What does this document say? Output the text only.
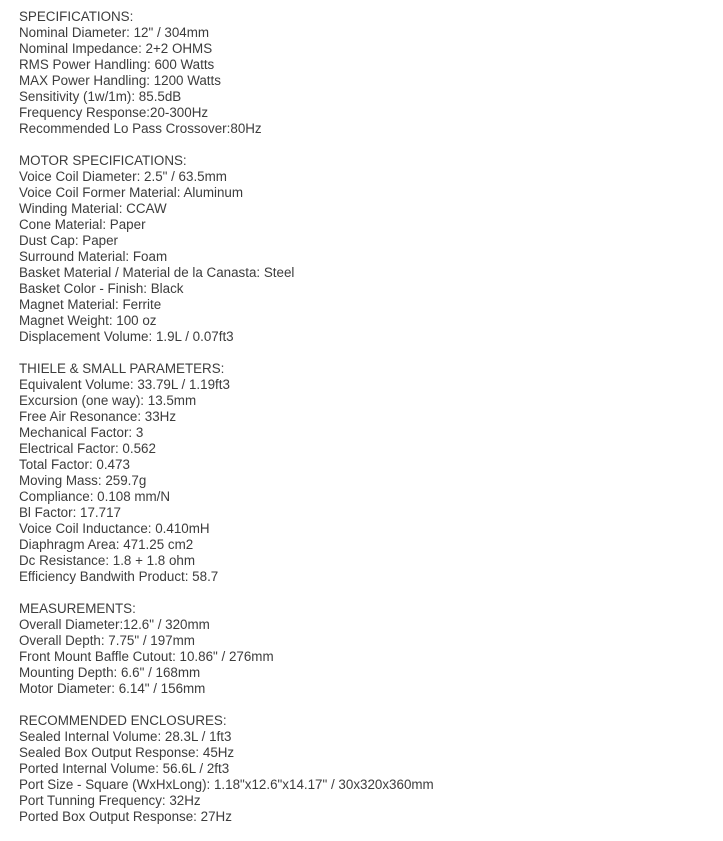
SPECIFICATIONS:
Nominal Diameter: 12" / 304mm
Nominal Impedance: 2+2 OHMS
RMS Power Handling: 600 Watts
MAX Power Handling: 1200 Watts
Sensitivity (1w/1m): 85.5dB
Frequency Response:20-300Hz
Recommended Lo Pass Crossover:80Hz
MOTOR SPECIFICATIONS:
Voice Coil Diameter: 2.5" / 63.5mm
Voice Coil Former Material: Aluminum
Winding Material: CCAW
Cone Material: Paper
Dust Cap: Paper
Surround Material: Foam
Basket Material / Material de la Canasta: Steel
Basket Color - Finish: Black
Magnet Material: Ferrite
Magnet Weight: 100 oz
Displacement Volume: 1.9L / 0.07ft3
THIELE & SMALL PARAMETERS:
Equivalent Volume: 33.79L / 1.19ft3
Excursion (one way): 13.5mm
Free Air Resonance: 33Hz
Mechanical Factor: 3
Electrical Factor: 0.562
Total Factor: 0.473
Moving Mass: 259.7g
Compliance: 0.108 mm/N
Bl Factor: 17.717
Voice Coil Inductance: 0.410mH
Diaphragm Area: 471.25 cm2
Dc Resistance: 1.8 + 1.8 ohm
Efficiency Bandwith Product: 58.7
MEASUREMENTS:
Overall Diameter:12.6" / 320mm
Overall Depth: 7.75" / 197mm
Front Mount Baffle Cutout: 10.86" / 276mm
Mounting Depth: 6.6" / 168mm
Motor Diameter: 6.14" / 156mm
RECOMMENDED ENCLOSURES:
Sealed Internal Volume: 28.3L / 1ft3
Sealed Box Output Response: 45Hz
Ported Internal Volume: 56.6L / 2ft3
Port Size - Square (WxHxLong): 1.18"x12.6"x14.17" / 30x320x360mm
Port Tunning Frequency: 32Hz
Ported Box Output Response: 27Hz
